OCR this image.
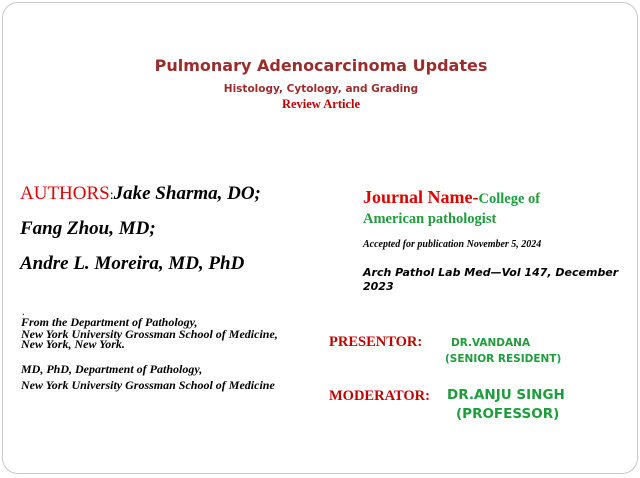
Pulmonary Adenocarcinoma Updates
Histology, Cytology, and Grading
Review Article
AUTHORS:Jake Sharma, DO;
Fang Zhou, MD;
Andre L. Moreira, MD, PhD
.
From the Department of Pathology,
New York University Grossman School of Medicine,
New York, New York.
MD, PhD, Department of Pathology,
New York University Grossman School of Medicine
Journal Name-College of
American pathologist
Accepted for publication November 5, 2024
Arch Pathol Lab Med—Vol 147, December
2023
PRESENTOR:	DR.VANDANA
(SENIOR RESIDENT)
MODERATOR: DR.ANJU SINGH
(PROFESSOR)
